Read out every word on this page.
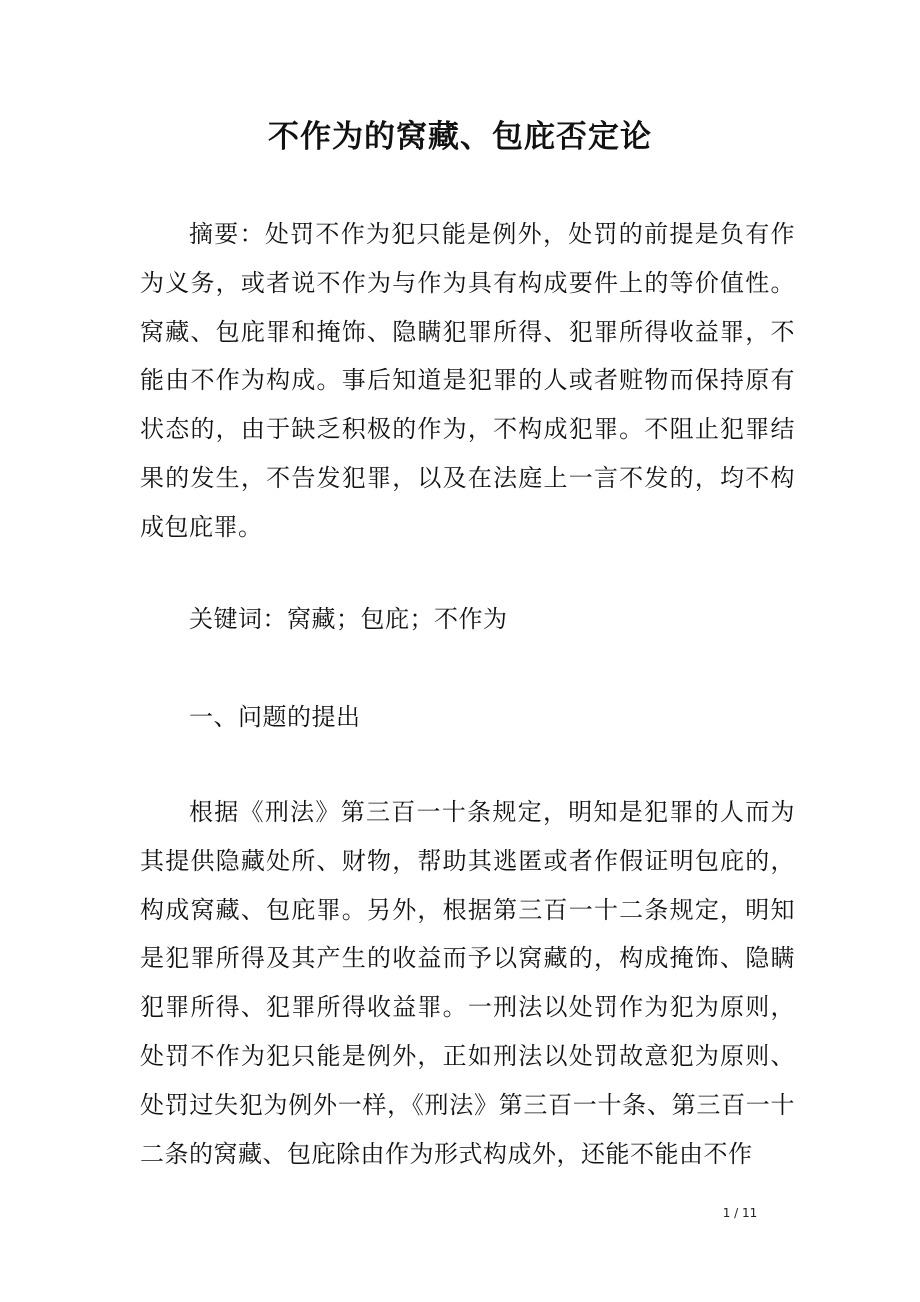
不作为的窝藏、包庇否定论

摘要：处罚不作为犯只能是例外，处罚的前提是负有作为义务，或者说不作为与作为具有构成要件上的等价值性。窝藏、包庇罪和掩饰、隐瞒犯罪所得、犯罪所得收益罪，不能由不作为构成。事后知道是犯罪的人或者赃物而保持原有状态的，由于缺乏积极的作为，不构成犯罪。不阻止犯罪结果的发生，不告发犯罪，以及在法庭上一言不发的，均不构成包庇罪。

关键词：窝藏；包庇；不作为

一、问题的提出

根据《刑法》第三百一十条规定，明知是犯罪的人而为其提供隐藏处所、财物，帮助其逃匿或者作假证明包庇的，构成窝藏、包庇罪。另外，根据第三百一十二条规定，明知是犯罪所得及其产生的收益而予以窝藏的，构成掩饰、隐瞒犯罪所得、犯罪所得收益罪。一刑法以处罚作为犯为原则，处罚不作为犯只能是例外，正如刑法以处罚故意犯为原则、处罚过失犯为例外一样，《刑法》第三百一十条、第三百一十二条的窝藏、包庇除由作为形式构成外，还能不能由不作

1 / 11
